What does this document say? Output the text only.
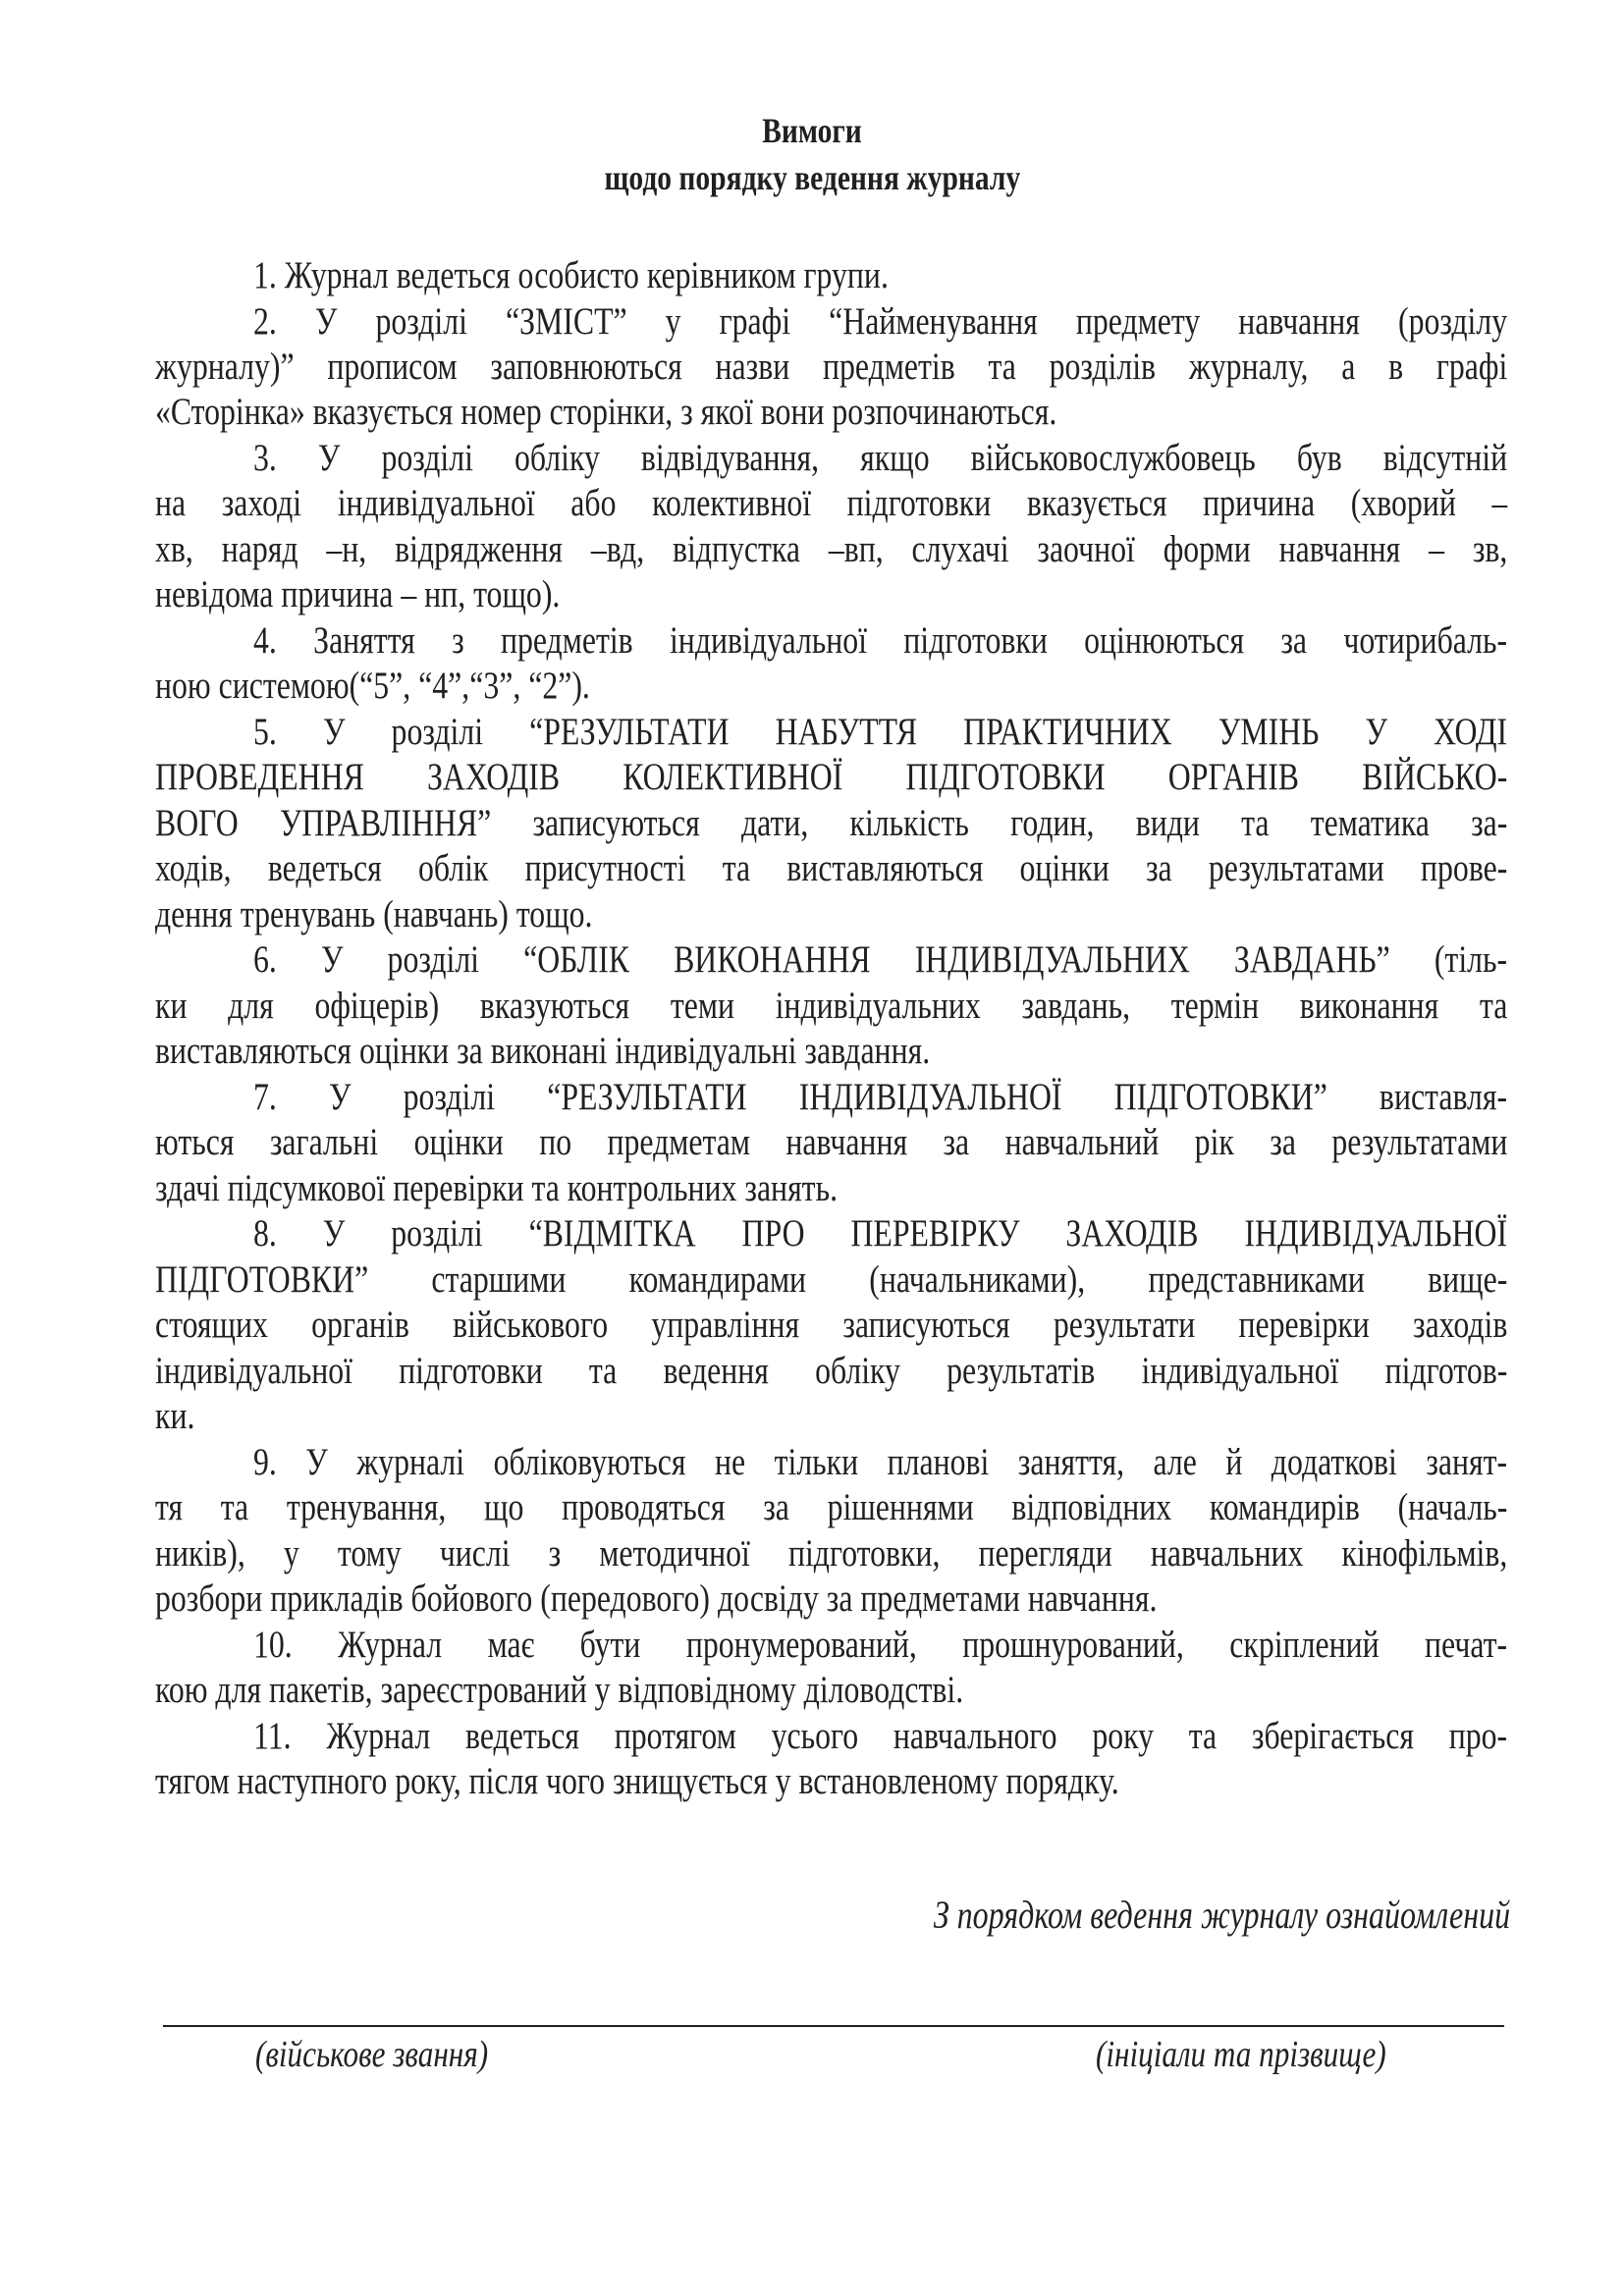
Вимоги
щодо порядку ведення журналу
1. Журнал ведеться особисто керівником групи.
2. У розділі “ЗМІСТ” у графі “Найменування предмету навчання (розділу
журналу)” прописом заповнюються назви предметів та розділів журналу, а в графі
«Сторінка» вказується номер сторінки, з якої вони розпочинаються.
3. У розділі обліку відвідування, якщо військовослужбовець був відсутній
на заході індивідуальної або колективної підготовки вказується причина (хворий –
хв, наряд –н, відрядження –вд, відпустка –вп, слухачі заочної форми навчання – зв,
невідома причина – нп, тощо).
4. Заняття з предметів індивідуальної підготовки оцінюються за чотирибаль-
ною системою(“5”, “4”,“3”, “2”).
5. У розділі “РЕЗУЛЬТАТИ НАБУТТЯ ПРАКТИЧНИХ УМІНЬ У ХОДІ
ПРОВЕДЕННЯ ЗАХОДІВ КОЛЕКТИВНОЇ ПІДГОТОВКИ ОРГАНІВ ВІЙСЬКО-
ВОГО УПРАВЛІННЯ” записуються дати, кількість годин, види та тематика за-
ходів, ведеться облік присутності та виставляються оцінки за результатами прове-
дення тренувань (навчань) тощо.
6. У розділі “ОБЛІК ВИКОНАННЯ ІНДИВІДУАЛЬНИХ ЗАВДАНЬ” (тіль-
ки для офіцерів) вказуються теми індивідуальних завдань, термін виконання та
виставляються оцінки за виконані індивідуальні завдання.
7. У розділі “РЕЗУЛЬТАТИ ІНДИВІДУАЛЬНОЇ ПІДГОТОВКИ” виставля-
ються загальні оцінки по предметам навчання за навчальний рік за результатами
здачі підсумкової перевірки та контрольних занять.
8. У розділі “ВІДМІТКА ПРО ПЕРЕВІРКУ ЗАХОДІВ ІНДИВІДУАЛЬНОЇ
ПІДГОТОВКИ” старшими командирами (начальниками), представниками вище-
стоящих органів військового управління записуються результати перевірки заходів
індивідуальної підготовки та ведення обліку результатів індивідуальної підготов-
ки.
9. У журналі обліковуються не тільки планові заняття, але й додаткові занят-
тя та тренування, що проводяться за рішеннями відповідних командирів (началь-
ників), у тому числі з методичної підготовки, перегляди навчальних кінофільмів,
розбори прикладів бойового (передового) досвіду за предметами навчання.
10. Журнал має бути пронумерований, прошнурований, скріплений печат-
кою для пакетів, зареєстрований у відповідному діловодстві.
11. Журнал ведеться протягом усього навчального року та зберігається про-
тягом наступного року, після чого знищується у встановленому порядку.
З порядком ведення журналу ознайомлений
(військове звання)	(ініціали та прізвище)
